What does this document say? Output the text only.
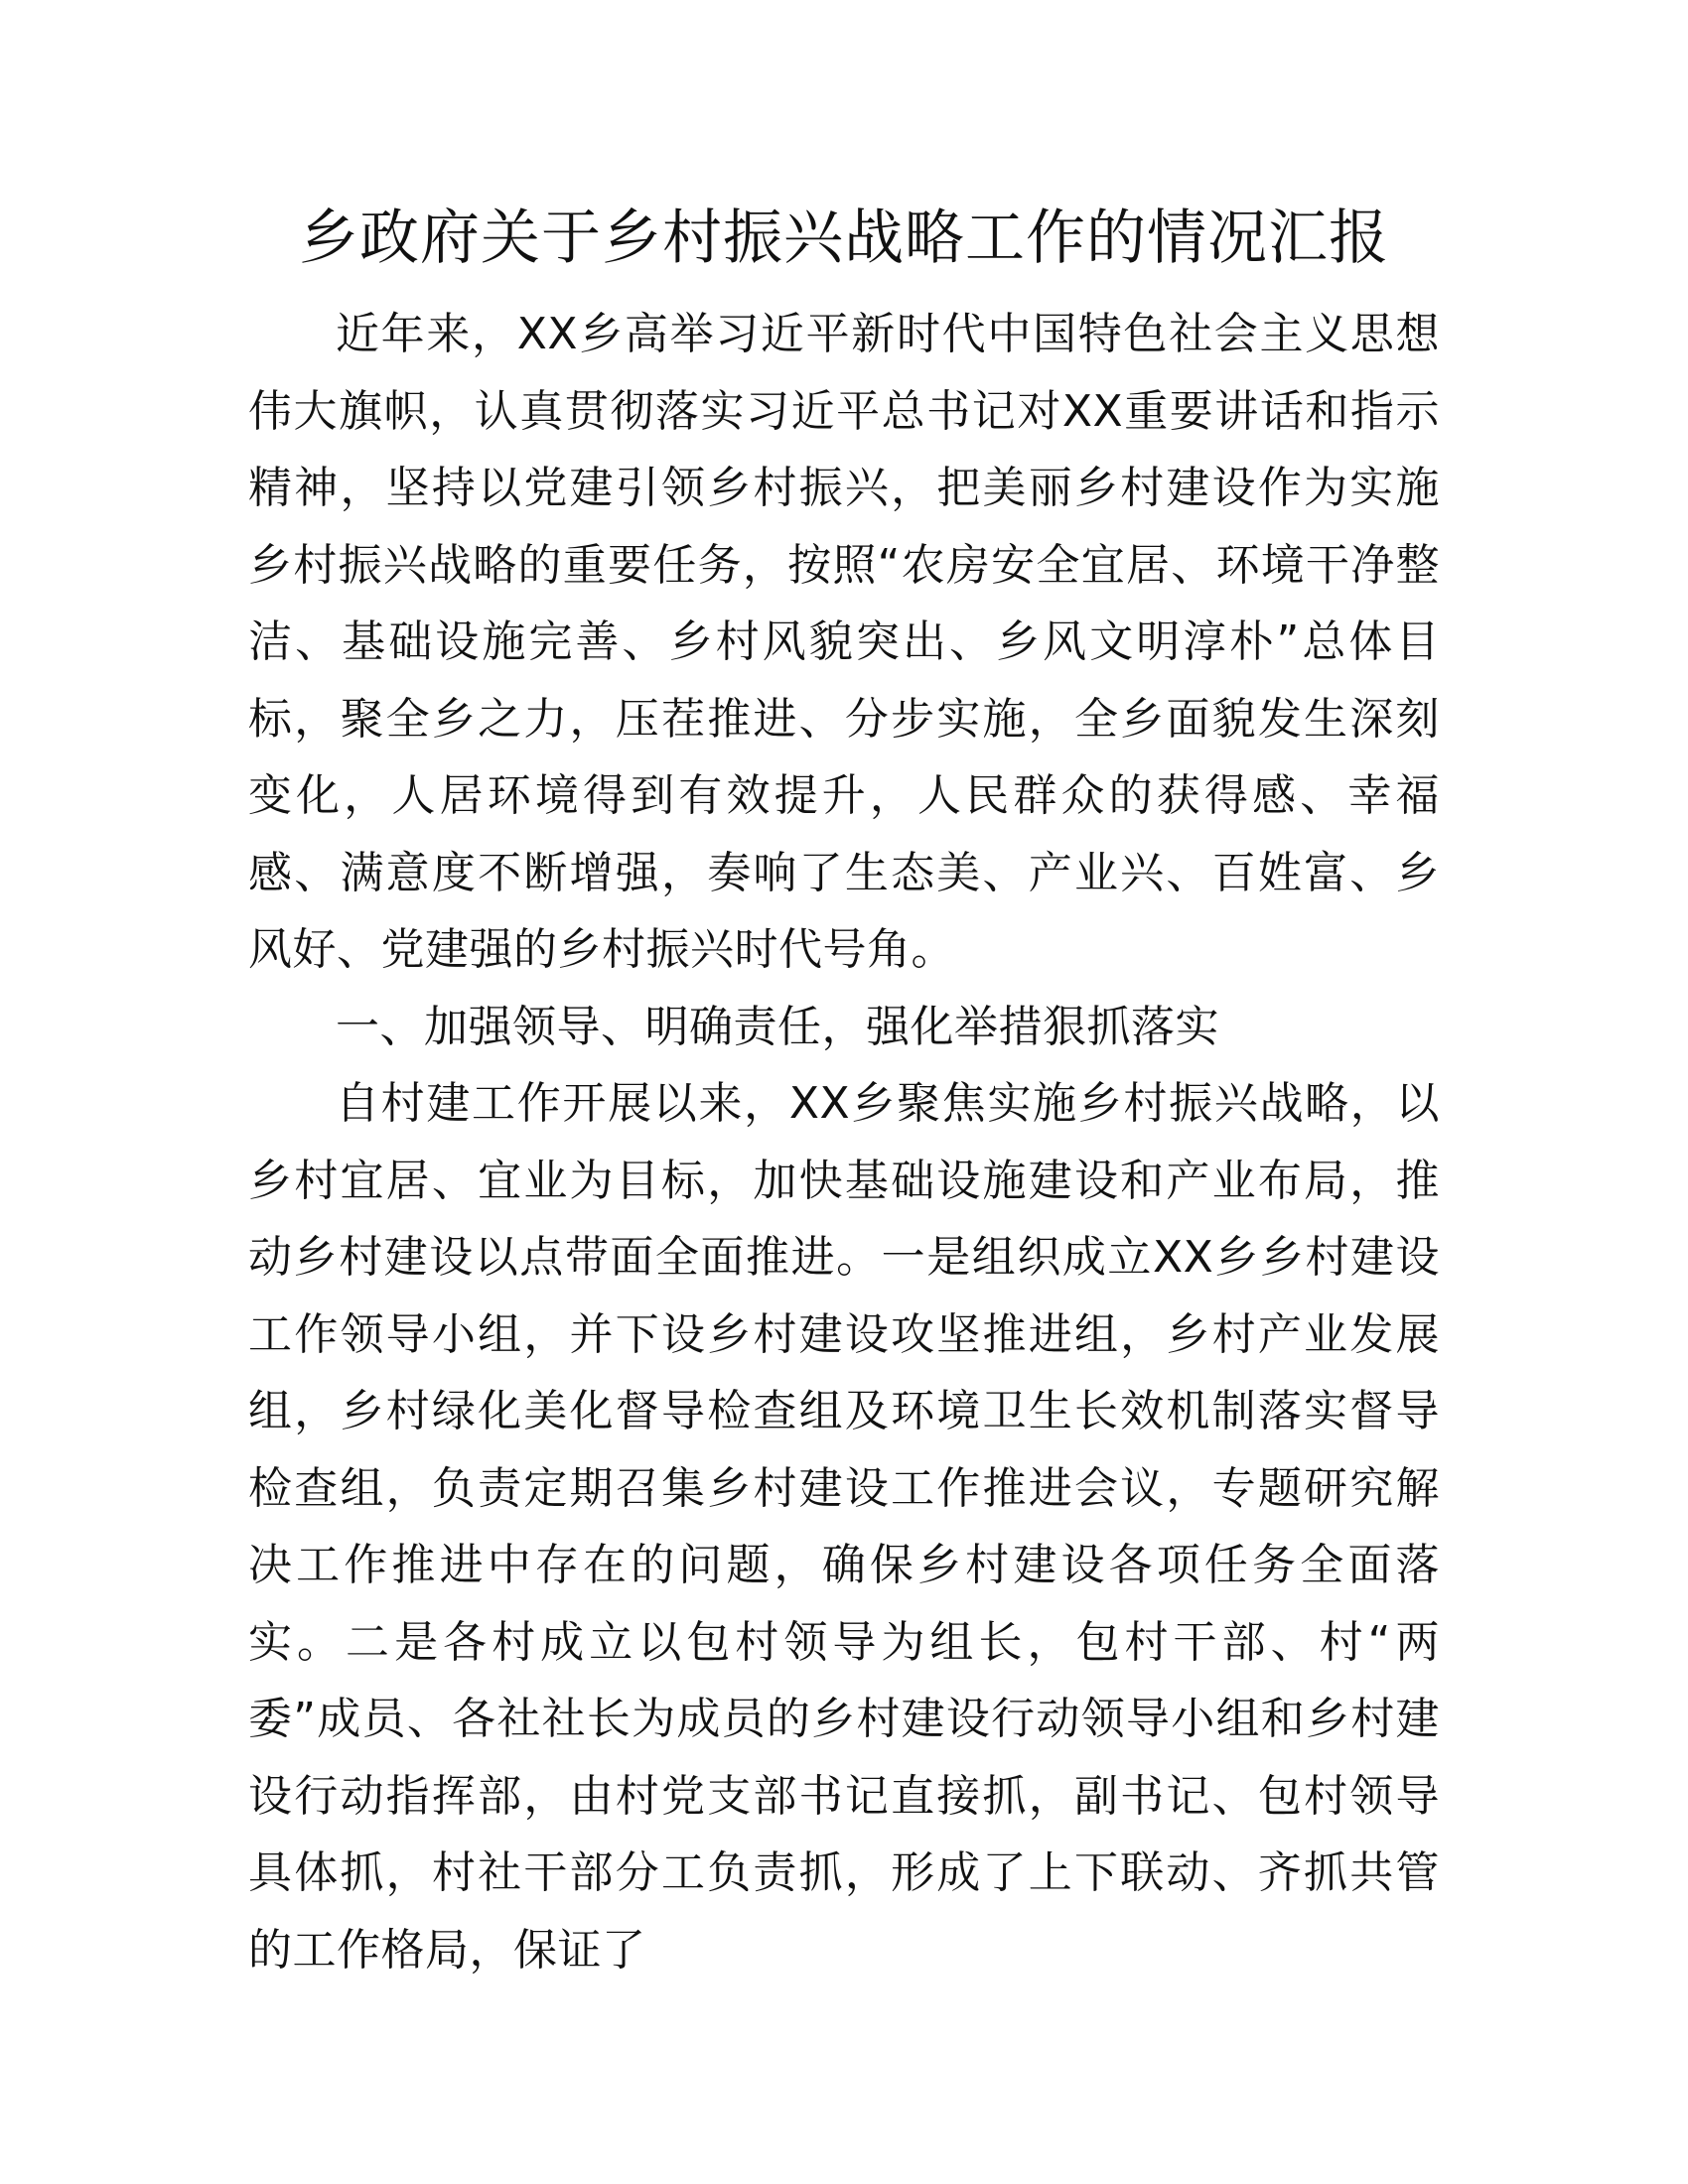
乡政府关于乡村振兴战略工作的情况汇报

近年来，XX乡高举习近平新时代中国特色社会主义思想伟大旗帜，认真贯彻落实习近平总书记对XX重要讲话和指示精神，坚持以党建引领乡村振兴，把美丽乡村建设作为实施乡村振兴战略的重要任务，按照“农房安全宜居、环境干净整洁、基础设施完善、乡村风貌突出、乡风文明淳朴”总体目标，聚全乡之力，压茬推进、分步实施，全乡面貌发生深刻变化，人居环境得到有效提升，人民群众的获得感、幸福感、满意度不断增强，奏响了生态美、产业兴、百姓富、乡风好、党建强的乡村振兴时代号角。

一、加强领导、明确责任，强化举措狠抓落实

自村建工作开展以来，XX乡聚焦实施乡村振兴战略，以乡村宜居、宜业为目标，加快基础设施建设和产业布局，推动乡村建设以点带面全面推进。一是组织成立XX乡乡村建设工作领导小组，并下设乡村建设攻坚推进组，乡村产业发展组，乡村绿化美化督导检查组及环境卫生长效机制落实督导检查组，负责定期召集乡村建设工作推进会议，专题研究解决工作推进中存在的问题，确保乡村建设各项任务全面落实。二是各村成立以包村领导为组长，包村干部、村“两委”成员、各社社长为成员的乡村建设行动领导小组和乡村建设行动指挥部，由村党支部书记直接抓，副书记、包村领导具体抓，村社干部分工负责抓，形成了上下联动、齐抓共管的工作格局，保证了
